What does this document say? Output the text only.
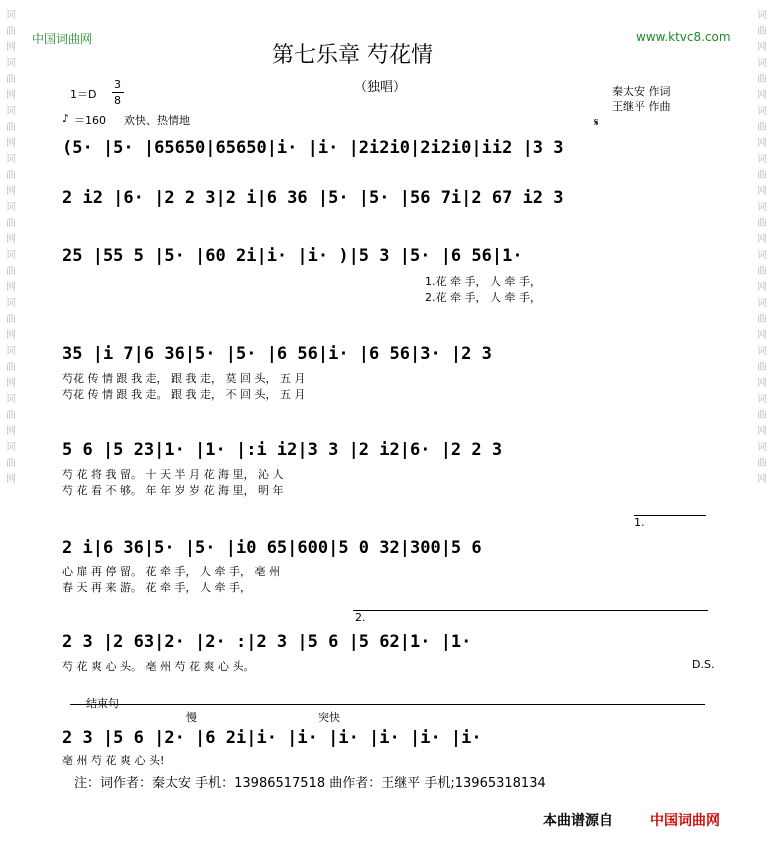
词曲网词曲网词曲网词曲网词曲网词曲网词曲网词曲网词曲网词曲网
词曲网词曲网词曲网词曲网词曲网词曲网词曲网词曲网词曲网词曲网
中国词曲网	www.ktvc8.com
第七乐章 芍花情
（独唱）	秦太安 作词
王继平 作曲
1＝D
3
8
♪ ＝160 欢快、热情地	𝄋
(5· |5· |65650|65650|i· |i· |2i2i0|2i2i0|ii2 |3 3
2 i2 |6· |2 2 3|2 i|6 36 |5· |5· |56 7i|2 67 i2 3
25 |55 5 |5· |60 2i|i· |i· )|5 3 |5· |6 56|1·
1.花 牵 手， 人 牵 手，
2.花 牵 手， 人 牵 手，
35 |i 7|6 36|5· |5· |6 56|i· |6 56|3· |2 3
芍花 传 情 跟 我 走， 跟 我 走， 莫 回 头， 五 月
芍花 传 情 跟 我 走。 跟 我 走， 不 回 头， 五 月
5 6 |5 23|1· |1· |:i i2|3 3 |2 i2|6· |2 2 3
芍 花 将 我 留。 十 天 半 月 花 海 里， 沁 人
芍 花 看 不 够。 年 年 岁 岁 花 海 里， 明 年
1.
2 i|6 36|5· |5· |i0 65|600|5 0 32|300|5 6
心 扉 再 停 留。 花 牵 手， 人 牵 手， 亳 州
春 天 再 来 游。 花 牵 手， 人 牵 手，
2.
2 3 |2 63|2· |2· :|2 3 |5 6 |5 62|1· |1·
芍 花 爽 心 头。 亳 州 芍 花 爽 心 头。	D.S.
结束句
慢	突快
2 3 |5 6 |2· |6 2i|i· |i· |i· |i· |i· |i·
亳 州 芍 花 爽 心 头!
注：词作者：秦太安 手机：13986517518 曲作者：王继平 手机;13965318134
本曲谱源自	中国词曲网
